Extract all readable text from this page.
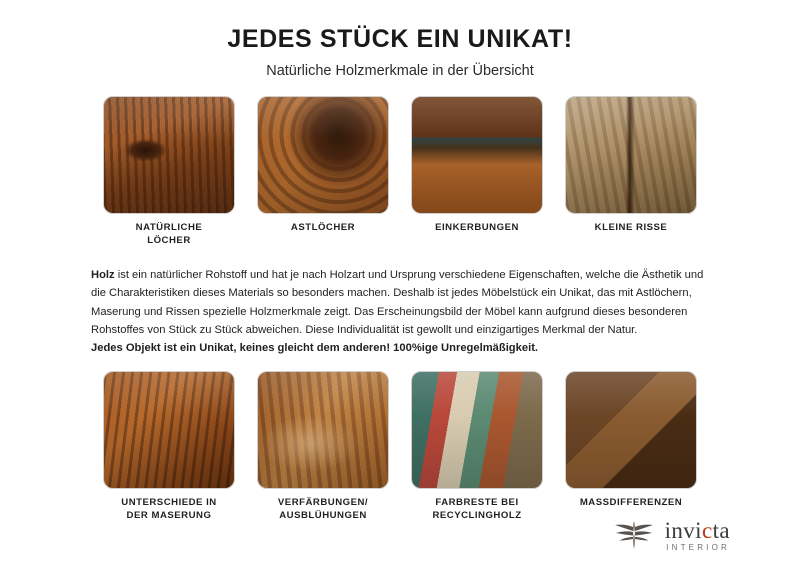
JEDES STÜCK EIN UNIKAT!

Natürliche Holzmerkmale in der Übersicht

NATÜRLICHE
LÖCHER
ASTLÖCHER	EINKERBUNGEN	KLEINE RISSE

Holz ist ein natürlicher Rohstoff und hat je nach Holzart und Ursprung verschiedene Eigenschaften, welche die Ästhetik und die Charakteristiken dieses Materials so besonders machen. Deshalb ist jedes Möbelstück ein Unikat, das mit Astlöchern, Maserung und Rissen spezielle Holzmerkmale zeigt. Das Erscheinungsbild der Möbel kann aufgrund dieses besonderen Rohstoffes von Stück zu Stück abweichen. Diese Individualität ist gewollt und einzigartiges Merkmal der Natur.
Jedes Objekt ist ein Unikat, keines gleicht dem anderen! 100%ige Unregelmäßigkeit.

UNTERSCHIEDE IN
DER MASERUNG
VERFÄRBUNGEN/
AUSBLÜHUNGEN
FARBRESTE BEI
RECYCLINGHOLZ
MASSDIFFERENZEN
invicta
INTERIOR
